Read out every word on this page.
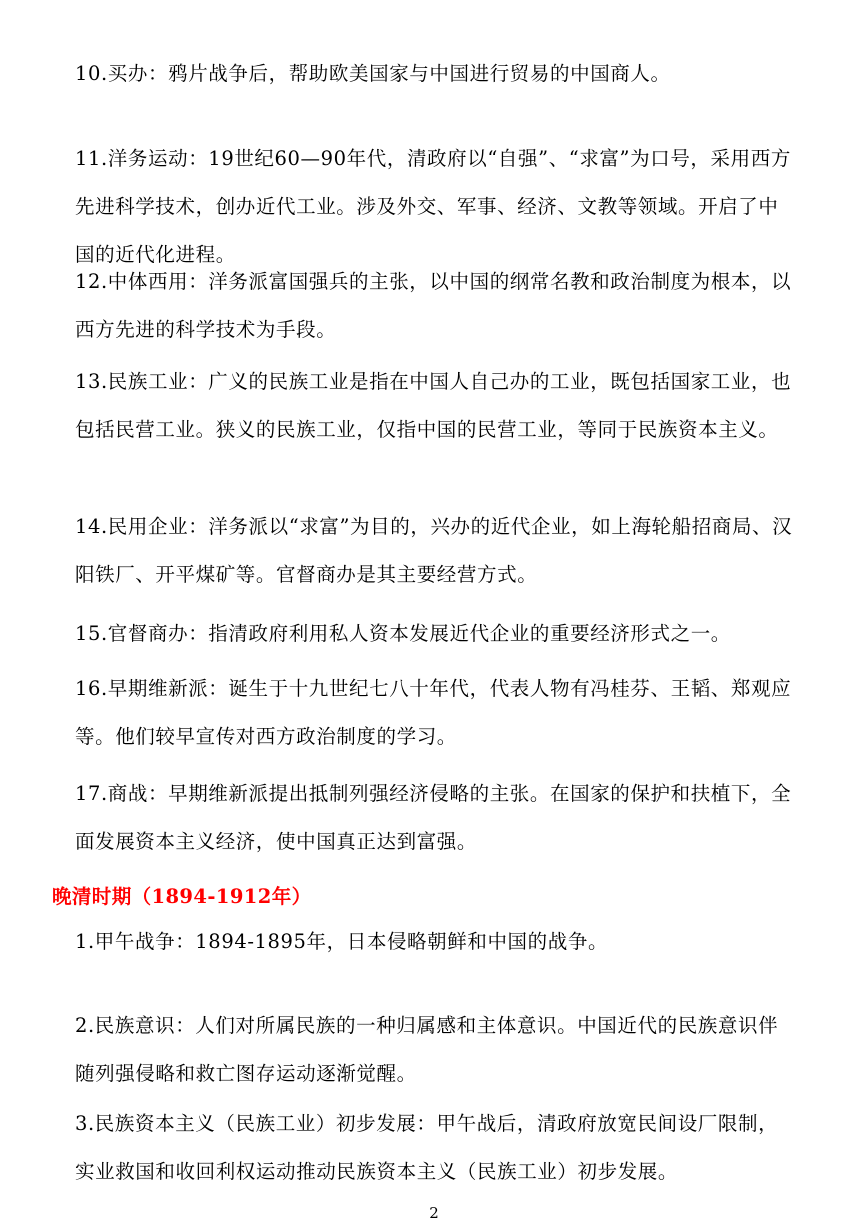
10.买办：鸦片战争后，帮助欧美国家与中国进行贸易的中国商人。

11.洋务运动：19世纪60—90年代，清政府以“自强”、“求富”为口号，采用西方先进科学技术，创办近代工业。涉及外交、军事、经济、文教等领域。开启了中国的近代化进程。

12.中体西用：洋务派富国强兵的主张，以中国的纲常名教和政治制度为根本，以西方先进的科学技术为手段。

13.民族工业：广义的民族工业是指在中国人自己办的工业，既包括国家工业，也包括民营工业。狭义的民族工业，仅指中国的民营工业，等同于民族资本主义。

14.民用企业：洋务派以“求富”为目的，兴办的近代企业，如上海轮船招商局、汉阳铁厂、开平煤矿等。官督商办是其主要经营方式。

15.官督商办：指清政府利用私人资本发展近代企业的重要经济形式之一。

16.早期维新派：诞生于十九世纪七八十年代，代表人物有冯桂芬、王韬、郑观应等。他们较早宣传对西方政治制度的学习。

17.商战：早期维新派提出抵制列强经济侵略的主张。在国家的保护和扶植下，全面发展资本主义经济，使中国真正达到富强。

晚清时期（1894-1912年）

1.甲午战争：1894-1895年，日本侵略朝鲜和中国的战争。

2.民族意识：人们对所属民族的一种归属感和主体意识。中国近代的民族意识伴随列强侵略和救亡图存运动逐渐觉醒。

3.民族资本主义（民族工业）初步发展：甲午战后，清政府放宽民间设厂限制，实业救国和收回利权运动推动民族资本主义（民族工业）初步发展。

2
